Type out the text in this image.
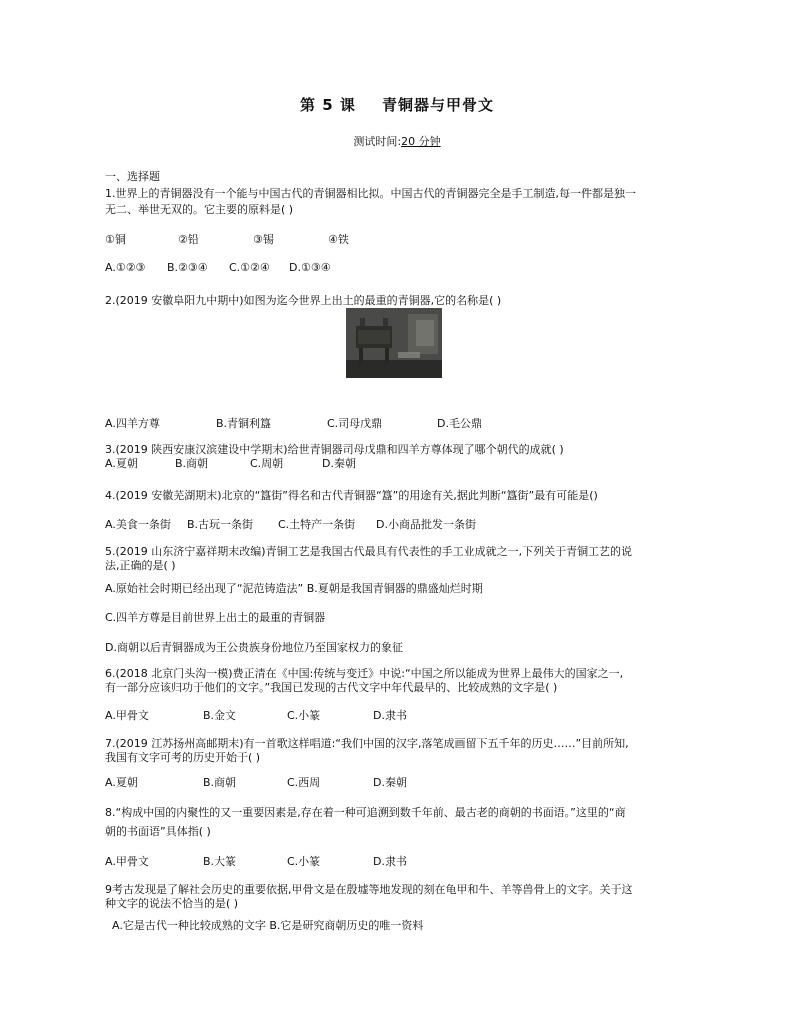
第 5 课 青铜器与甲骨文
测试时间:20 分钟
一、选择题
1.世界上的青铜器没有一个能与中国古代的青铜器相比拟。中国古代的青铜器完全是手工制造,每一件都是独一
无二、举世无双的。它主要的原料是( )
①铜	②铅	③锡	④铁
A.①②③ B.②③④ C.①②④ D.①③④
2.(2019 安徽阜阳九中期中)如图为迄今世界上出土的最重的青铜器,它的名称是( )
A.四羊方尊	B.青铜利簋	C.司母戊鼎	D.毛公鼎
3.(2019 陕西安康汉滨建设中学期末)给世青铜器司母戊鼎和四羊方尊体现了哪个朝代的成就( )
A.夏朝	B.商朝	C.周朝	D.秦朝
4.(2019 安徽芜湖期末)北京的“簋街”得名和古代青铜器“簋”的用途有关,据此判断“簋街”最有可能是()
A.美食一条街 B.古玩一条街 C.土特产一条街 D.小商品批发一条街
5.(2019 山东济宁嘉祥期末改编)青铜工艺是我国古代最具有代表性的手工业成就之一,下列关于青铜工艺的说
法,正确的是( )
A.原始社会时期已经出现了“泥范铸造法” B.夏朝是我国青铜器的鼎盛灿烂时期
C.四羊方尊是目前世界上出土的最重的青铜器
D.商朝以后青铜器成为王公贵族身份地位乃至国家权力的象征
6.(2018 北京门头沟一模)费正清在《中国:传统与变迁》中说:“中国之所以能成为世界上最伟大的国家之一,
有一部分应该归功于他们的文字。”我国已发现的古代文字中年代最早的、比较成熟的文字是( )
A.甲骨文	B.金文	C.小篆	D.隶书
7.(2019 江苏扬州高邮期末)有一首歌这样唱道:“我们中国的汉字,落笔成画留下五千年的历史……”目前所知,
我国有文字可考的历史开始于( )
A.夏朝	B.商朝	C.西周	D.秦朝
8.“构成中国的内聚性的又一重要因素是,存在着一种可追溯到数千年前、最古老的商朝的书面语。”这里的“商
朝的书面语”具体指( )
A.甲骨文	B.大篆	C.小篆	D.隶书
9考古发现是了解社会历史的重要依据,甲骨文是在殷墟等地发现的刻在龟甲和牛、羊等兽骨上的文字。关于这
种文字的说法不恰当的是( )
A.它是古代一种比较成熟的文字 B.它是研究商朝历史的唯一资料
